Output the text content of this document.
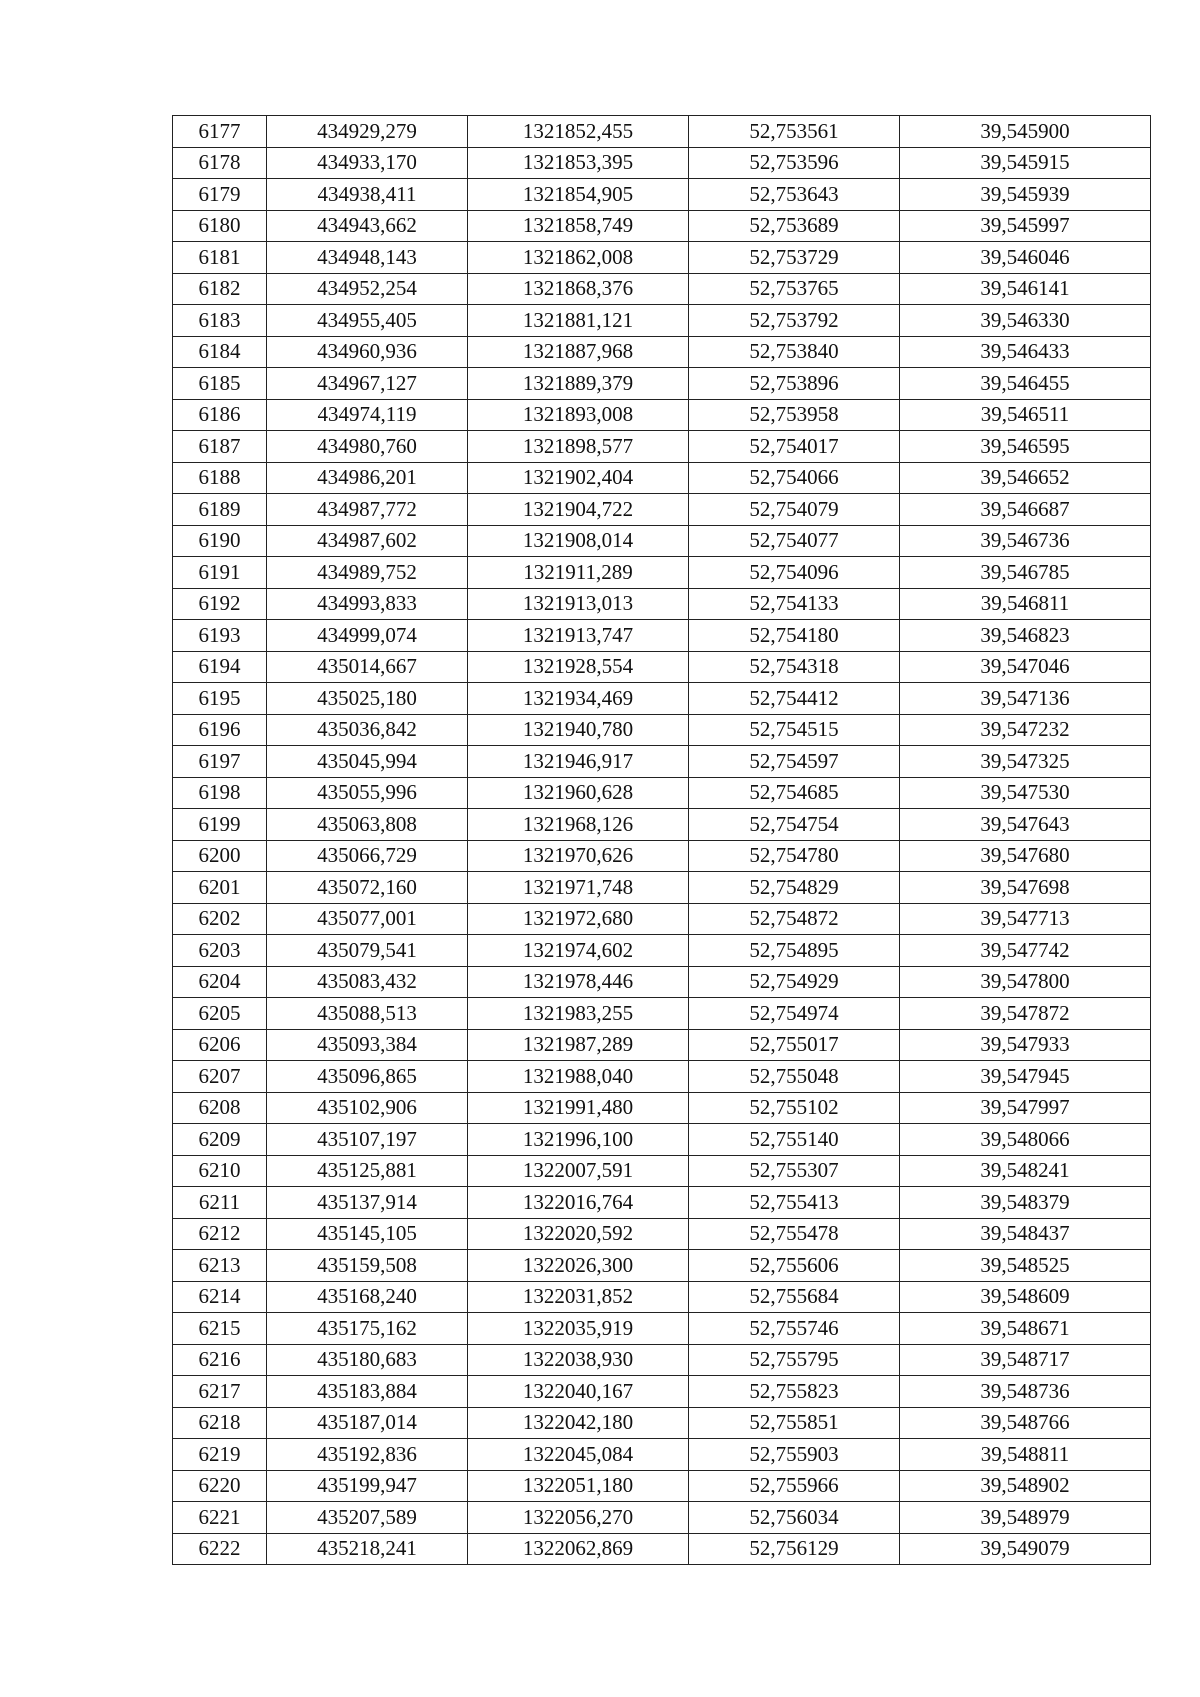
6177	434929,279	1321852,455	52,753561	39,545900
6178	434933,170	1321853,395	52,753596	39,545915
6179	434938,411	1321854,905	52,753643	39,545939
6180	434943,662	1321858,749	52,753689	39,545997
6181	434948,143	1321862,008	52,753729	39,546046
6182	434952,254	1321868,376	52,753765	39,546141
6183	434955,405	1321881,121	52,753792	39,546330
6184	434960,936	1321887,968	52,753840	39,546433
6185	434967,127	1321889,379	52,753896	39,546455
6186	434974,119	1321893,008	52,753958	39,546511
6187	434980,760	1321898,577	52,754017	39,546595
6188	434986,201	1321902,404	52,754066	39,546652
6189	434987,772	1321904,722	52,754079	39,546687
6190	434987,602	1321908,014	52,754077	39,546736
6191	434989,752	1321911,289	52,754096	39,546785
6192	434993,833	1321913,013	52,754133	39,546811
6193	434999,074	1321913,747	52,754180	39,546823
6194	435014,667	1321928,554	52,754318	39,547046
6195	435025,180	1321934,469	52,754412	39,547136
6196	435036,842	1321940,780	52,754515	39,547232
6197	435045,994	1321946,917	52,754597	39,547325
6198	435055,996	1321960,628	52,754685	39,547530
6199	435063,808	1321968,126	52,754754	39,547643
6200	435066,729	1321970,626	52,754780	39,547680
6201	435072,160	1321971,748	52,754829	39,547698
6202	435077,001	1321972,680	52,754872	39,547713
6203	435079,541	1321974,602	52,754895	39,547742
6204	435083,432	1321978,446	52,754929	39,547800
6205	435088,513	1321983,255	52,754974	39,547872
6206	435093,384	1321987,289	52,755017	39,547933
6207	435096,865	1321988,040	52,755048	39,547945
6208	435102,906	1321991,480	52,755102	39,547997
6209	435107,197	1321996,100	52,755140	39,548066
6210	435125,881	1322007,591	52,755307	39,548241
6211	435137,914	1322016,764	52,755413	39,548379
6212	435145,105	1322020,592	52,755478	39,548437
6213	435159,508	1322026,300	52,755606	39,548525
6214	435168,240	1322031,852	52,755684	39,548609
6215	435175,162	1322035,919	52,755746	39,548671
6216	435180,683	1322038,930	52,755795	39,548717
6217	435183,884	1322040,167	52,755823	39,548736
6218	435187,014	1322042,180	52,755851	39,548766
6219	435192,836	1322045,084	52,755903	39,548811
6220	435199,947	1322051,180	52,755966	39,548902
6221	435207,589	1322056,270	52,756034	39,548979
6222	435218,241	1322062,869	52,756129	39,549079
